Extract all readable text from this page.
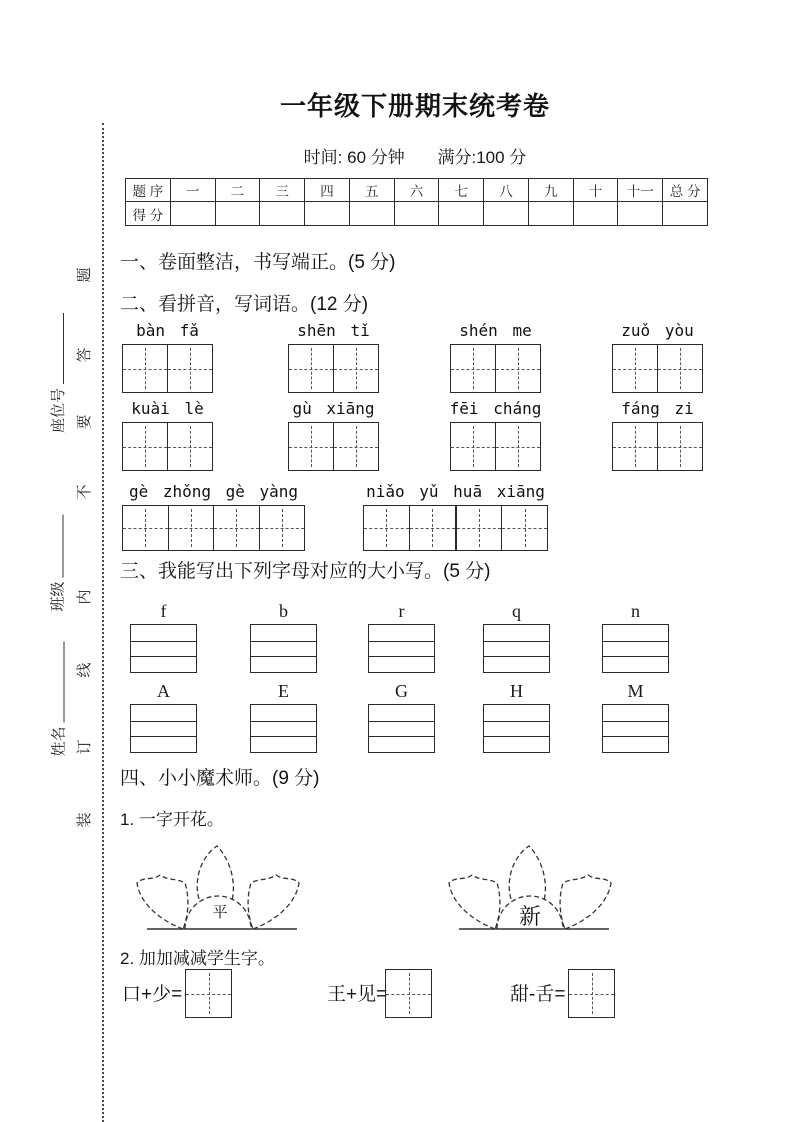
题
答
要
不
内
线
订
装
座位号
班级
姓名
一年级下册期末统考卷
时间: 60 分钟 满分:100 分
题 序	一	二	三	四	五	六	七	八	九	十	十一	总 分
得 分												
一、卷面整洁，书写端正。(5 分)
二、看拼音，写词语。(12 分)
bàn fǎ	shēn tǐ	shén me	zuǒ yòu
kuài lè	gù xiāng	fēi cháng	fáng zi
gè zhǒng gè yàng	niǎo yǔ huā xiāng
三、我能写出下列字母对应的大小写。(5 分)
f	b	r	q	n
A	E	G	H	M
四、小小魔术师。(9 分)
1. 一字开花。
平	新
2. 加加减减学生字。
口+少=	王+见=	甜-舌=
